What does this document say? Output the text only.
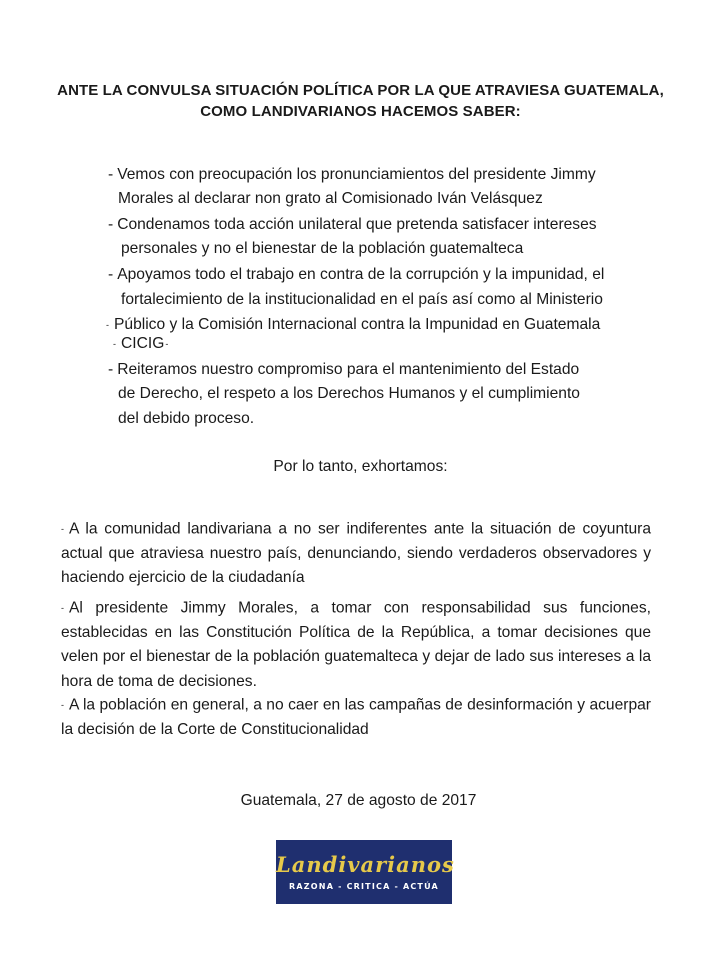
ANTE LA CONVULSA SITUACIÓN POLÍTICA POR LA QUE ATRAVIESA GUATEMALA,
COMO LANDIVARIANOS HACEMOS SABER:
- Vemos con preocupación los pronunciamientos del presidente Jimmy
Morales al declarar non grato al Comisionado Iván Velásquez
- Condenamos toda acción unilateral que pretenda satisfacer intereses
personales y no el bienestar de la población guatemalteca
- Apoyamos todo el trabajo en contra de la corrupción y la impunidad, el
fortalecimiento de la institucionalidad en el país así como al Ministerio
- Público y la Comisión Internacional contra la Impunidad en Guatemala
- CICIG-
- Reiteramos nuestro compromiso para el mantenimiento del Estado
de Derecho, el respeto a los Derechos Humanos y el cumplimiento
del debido proceso.
Por lo tanto, exhortamos:
- A la comunidad landivariana a no ser indiferentes ante la situación de coyuntura actual que atraviesa nuestro país, denunciando, siendo verdaderos observadores y haciendo ejercicio de la ciudadanía
- Al presidente Jimmy Morales, a tomar con responsabilidad sus funciones, establecidas en las Constitución Política de la República, a tomar decisiones que velen por el bienestar de la población guatemalteca y dejar de lado sus intereses a la hora de toma de decisiones.
- A la población en general, a no caer en las campañas de desinformación y acuerpar la decisión de la Corte de Constitucionalidad
Guatemala, 27 de agosto de 2017
Landivarianos
RAZONA - CRITICA - ACTÚA
